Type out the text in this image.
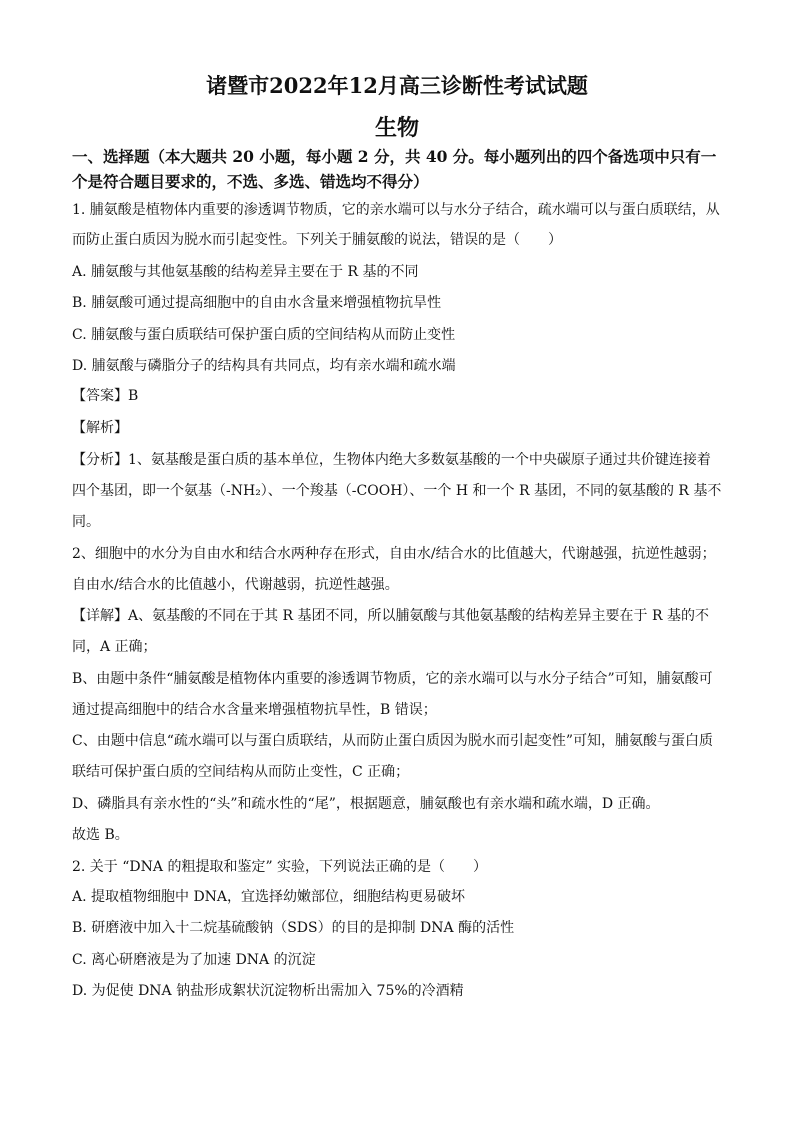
诸暨市2022年12月高三诊断性考试试题
生物
一、选择题（本大题共 20 小题，每小题 2 分，共 40 分。每小题列出的四个备选项中只有一
个是符合题目要求的，不选、多选、错选均不得分）
1. 脯氨酸是植物体内重要的渗透调节物质，它的亲水端可以与水分子结合，疏水端可以与蛋白质联结，从
而防止蛋白质因为脱水而引起变性。下列关于脯氨酸的说法，错误的是（　　）
A. 脯氨酸与其他氨基酸的结构差异主要在于 R 基的不同
B. 脯氨酸可通过提高细胞中的自由水含量来增强植物抗旱性
C. 脯氨酸与蛋白质联结可保护蛋白质的空间结构从而防止变性
D. 脯氨酸与磷脂分子的结构具有共同点，均有亲水端和疏水端
【答案】B
【解析】
【分析】1、氨基酸是蛋白质的基本单位，生物体内绝大多数氨基酸的一个中央碳原子通过共价键连接着
四个基团，即一个氨基（-NH₂）、一个羧基（-COOH）、一个 H 和一个 R 基团，不同的氨基酸的 R 基不
同。
2、细胞中的水分为自由水和结合水两种存在形式，自由水/结合水的比值越大，代谢越强，抗逆性越弱；
自由水/结合水的比值越小，代谢越弱，抗逆性越强。
【详解】A、氨基酸的不同在于其 R 基团不同，所以脯氨酸与其他氨基酸的结构差异主要在于 R 基的不
同，A 正确；
B、由题中条件“脯氨酸是植物体内重要的渗透调节物质，它的亲水端可以与水分子结合”可知，脯氨酸可
通过提高细胞中的结合水含量来增强植物抗旱性，B 错误；
C、由题中信息“疏水端可以与蛋白质联结，从而防止蛋白质因为脱水而引起变性”可知，脯氨酸与蛋白质
联结可保护蛋白质的空间结构从而防止变性，C 正确；
D、磷脂具有亲水性的“头”和疏水性的“尾”，根据题意，脯氨酸也有亲水端和疏水端，D 正确。
故选 B。
2. 关于 “DNA 的粗提取和鉴定” 实验，下列说法正确的是（　　）
A. 提取植物细胞中 DNA，宜选择幼嫩部位，细胞结构更易破坏
B. 研磨液中加入十二烷基硫酸钠（SDS）的目的是抑制 DNA 酶的活性
C. 离心研磨液是为了加速 DNA 的沉淀
D. 为促使 DNA 钠盐形成絮状沉淀物析出需加入 75%的冷酒精
